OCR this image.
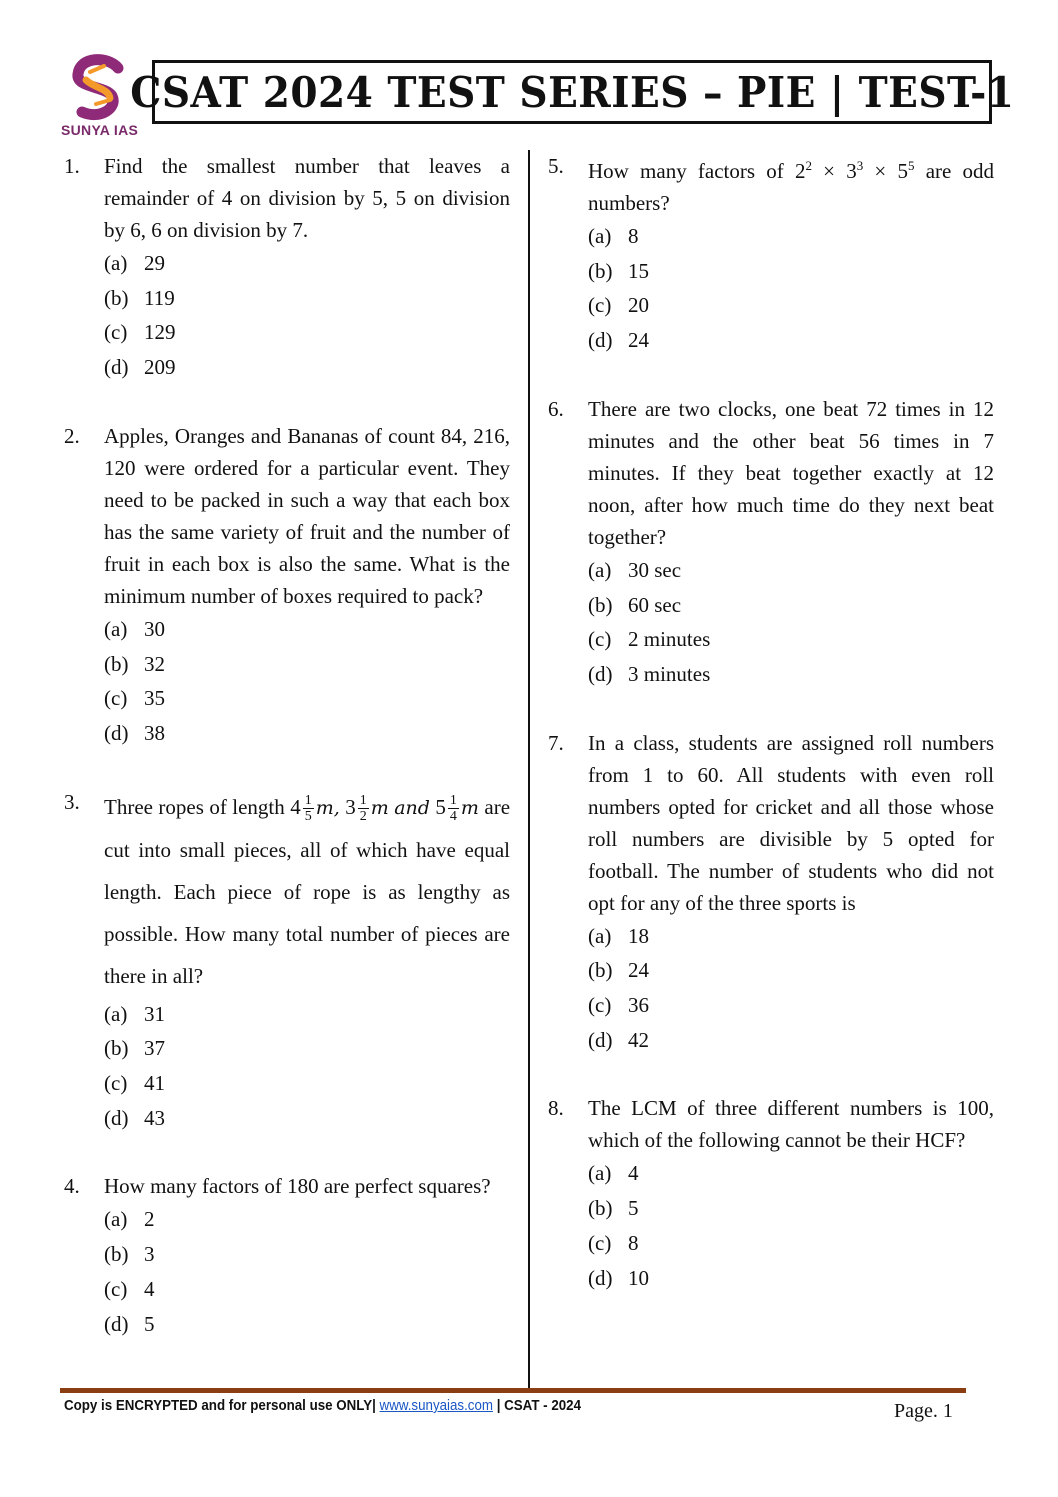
SUNYA IAS
CSAT 2024 TEST SERIES – PIE | TEST-1
1. Find the smallest number that leaves a remainder of 4 on division by 5, 5 on division by 6, 6 on division by 7.
(a) 29
(b) 119
(c) 129
(d) 209
2. Apples, Oranges and Bananas of count 84, 216, 120 were ordered for a particular event. They need to be packed in such a way that each box has the same variety of fruit and the number of fruit in each box is also the same. What is the minimum number of boxes required to pack?
(a) 30
(b) 32
(c) 35
(d) 38
3. Three ropes of length $4 \frac{1}{5} m$, $3 \frac{1}{2}$ m and $5 \frac{1}{4}$ m are cut into small pieces, all of which have equal length. Each piece of rope is as lengthy as possible. How many total number of pieces are there in all?
(a) 31
(b) 37
(c) 41
(d) 43
4. How many factors of 180 are perfect squares?
(a) 2
(b) 3
(c) 4
(d) 5
5. How many factors of $2^2 \times 3^3 \times 5^5$ are odd numbers?
(a) 8
(b) 15
(c) 20
(d) 24
6. There are two clocks, one beat 72 times in 12 minutes and the other beat 56 times in 7 minutes. If they beat together exactly at 12 noon, after how much time do they next beat together?
(a) 30 sec
(b) 60 sec
(c) 2 minutes
(d) 3 minutes
7. In a class, students are assigned roll numbers from 1 to 60. All students with even roll numbers opted for cricket and all those whose roll numbers are divisible by 5 opted for football. The number of students who did not opt for any of the three sports is
(a) 18
(b) 24
(c) 36
(d) 42
8. The LCM of three different numbers is 100, which of the following cannot be their HCF?
(a) 4
(b) 5
(c) 8
(d) 10
Copy is ENCRYPTED and for personal use ONLY| www.sunyaias.com | CSAT - 2024	Page. 1
